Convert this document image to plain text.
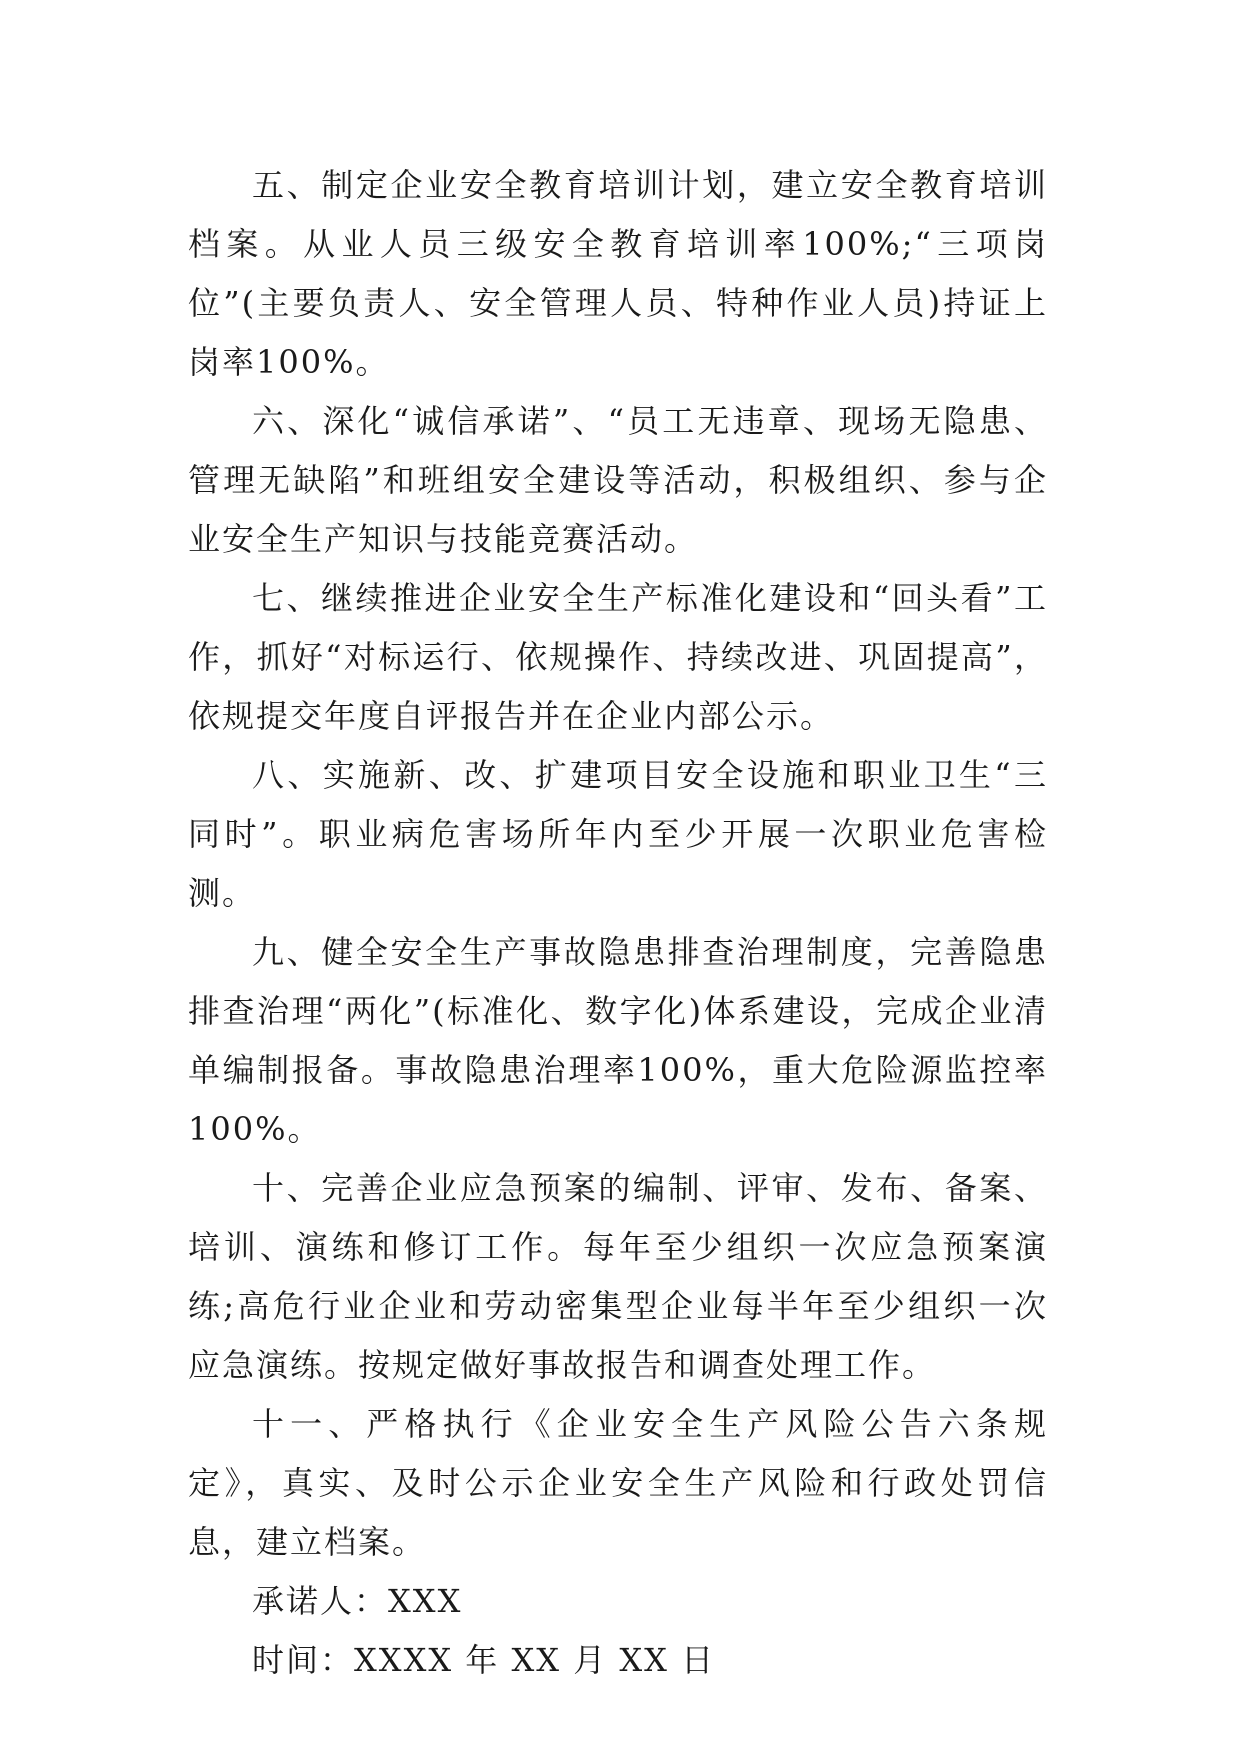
五、制定企业安全教育培训计划，建立安全教育培训档案。从业人员三级安全教育培训率100%;“三项岗位”(主要负责人、安全管理人员、特种作业人员)持证上岗率100%。

六、深化“诚信承诺”、“员工无违章、现场无隐患、管理无缺陷”和班组安全建设等活动，积极组织、参与企业安全生产知识与技能竞赛活动。

七、继续推进企业安全生产标准化建设和“回头看”工作，抓好“对标运行、依规操作、持续改进、巩固提高”，依规提交年度自评报告并在企业内部公示。

八、实施新、改、扩建项目安全设施和职业卫生“三同时”。职业病危害场所年内至少开展一次职业危害检测。

九、健全安全生产事故隐患排查治理制度，完善隐患排查治理“两化”(标准化、数字化)体系建设，完成企业清单编制报备。事故隐患治理率100%，重大危险源监控率100%。

十、完善企业应急预案的编制、评审、发布、备案、培训、演练和修订工作。每年至少组织一次应急预案演练;高危行业企业和劳动密集型企业每半年至少组织一次应急演练。按规定做好事故报告和调查处理工作。

十一、严格执行《企业安全生产风险公告六条规定》，真实、及时公示企业安全生产风险和行政处罚信息，建立档案。

承诺人：XXX

时间：XXXX 年 XX 月 XX 日
